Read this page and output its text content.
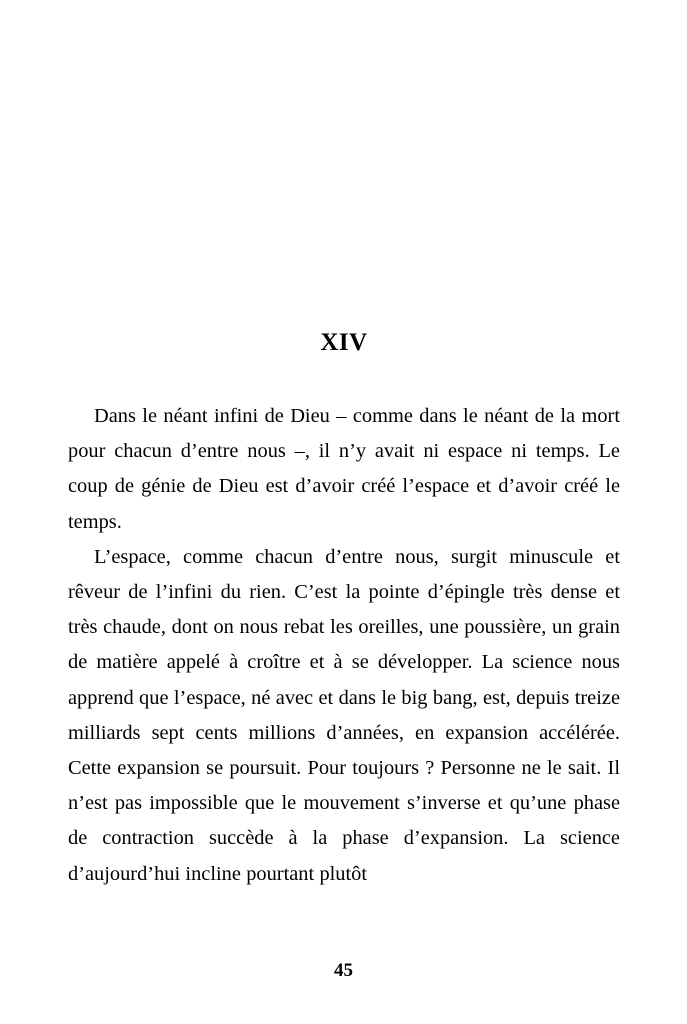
XIV

Dans le néant infini de Dieu – comme dans le néant de la mort pour chacun d’entre nous –, il n’y avait ni espace ni temps. Le coup de génie de Dieu est d’avoir créé l’espace et d’avoir créé le temps.

L’espace, comme chacun d’entre nous, surgit minuscule et rêveur de l’infini du rien. C’est la pointe d’épingle très dense et très chaude, dont on nous rebat les oreilles, une poussière, un grain de matière appelé à croître et à se développer. La science nous apprend que l’espace, né avec et dans le big bang, est, depuis treize milliards sept cents millions d’années, en expansion accélérée. Cette expansion se poursuit. Pour toujours ? Personne ne le sait. Il n’est pas impossible que le mouvement s’inverse et qu’une phase de contraction succède à la phase d’expansion. La science d’aujourd’hui incline pourtant plutôt

45
